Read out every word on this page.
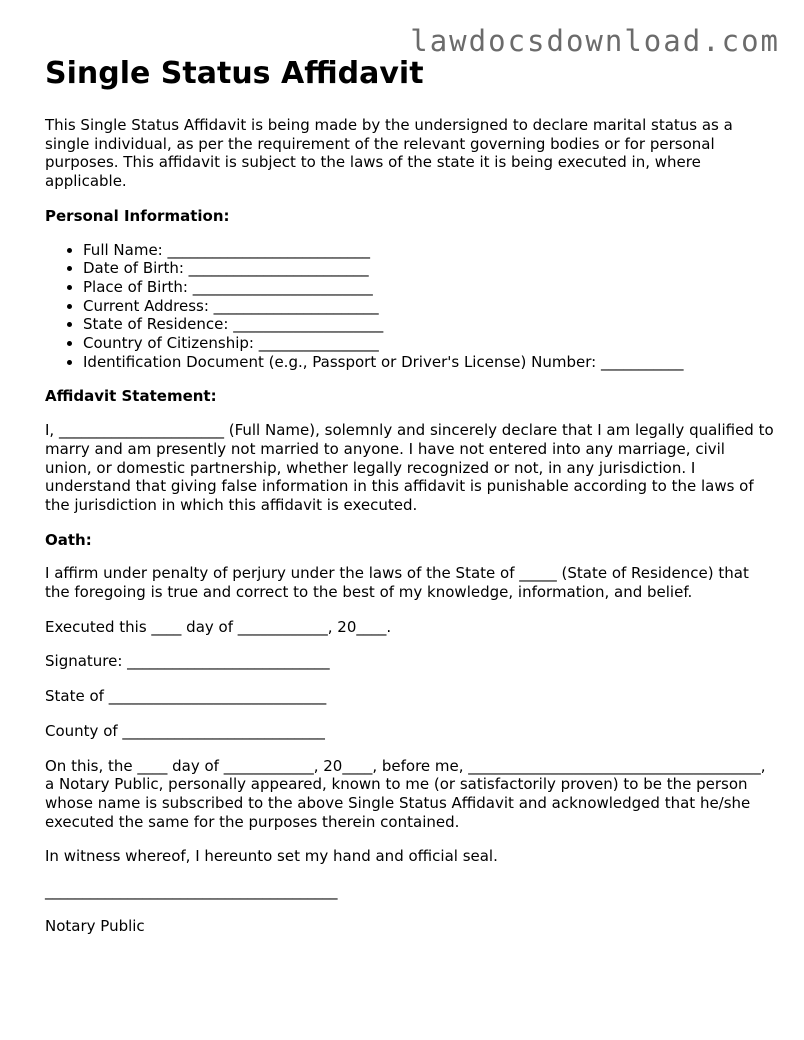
lawdocsdownload.com
Single Status Affidavit

This Single Status Affidavit is being made by the undersigned to declare marital status as a single individual, as per the requirement of the relevant governing bodies or for personal purposes. This affidavit is subject to the laws of the state it is being executed in, where applicable.

Personal Information:
• Full Name: ___________________________
• Date of Birth: ________________________
• Place of Birth: ________________________
• Current Address: ______________________
• State of Residence: ____________________
• Country of Citizenship: ________________
• Identification Document (e.g., Passport or Driver's License) Number: ___________
Affidavit Statement:

I, ______________________ (Full Name), solemnly and sincerely declare that I am legally qualified to marry and am presently not married to anyone. I have not entered into any marriage, civil union, or domestic partnership, whether legally recognized or not, in any jurisdiction. I understand that giving false information in this affidavit is punishable according to the laws of the jurisdiction in which this affidavit is executed.

Oath:

I affirm under penalty of perjury under the laws of the State of _____ (State of Residence) that the foregoing is true and correct to the best of my knowledge, information, and belief.

Executed this ____ day of ____________, 20____.

Signature: ___________________________

State of _____________________________

County of ___________________________

On this, the ____ day of ____________, 20____, before me, _______________________________________, a Notary Public, personally appeared, known to me (or satisfactorily proven) to be the person whose name is subscribed to the above Single Status Affidavit and acknowledged that he/she executed the same for the purposes therein contained.

In witness whereof, I hereunto set my hand and official seal.

_______________________________________

Notary Public
